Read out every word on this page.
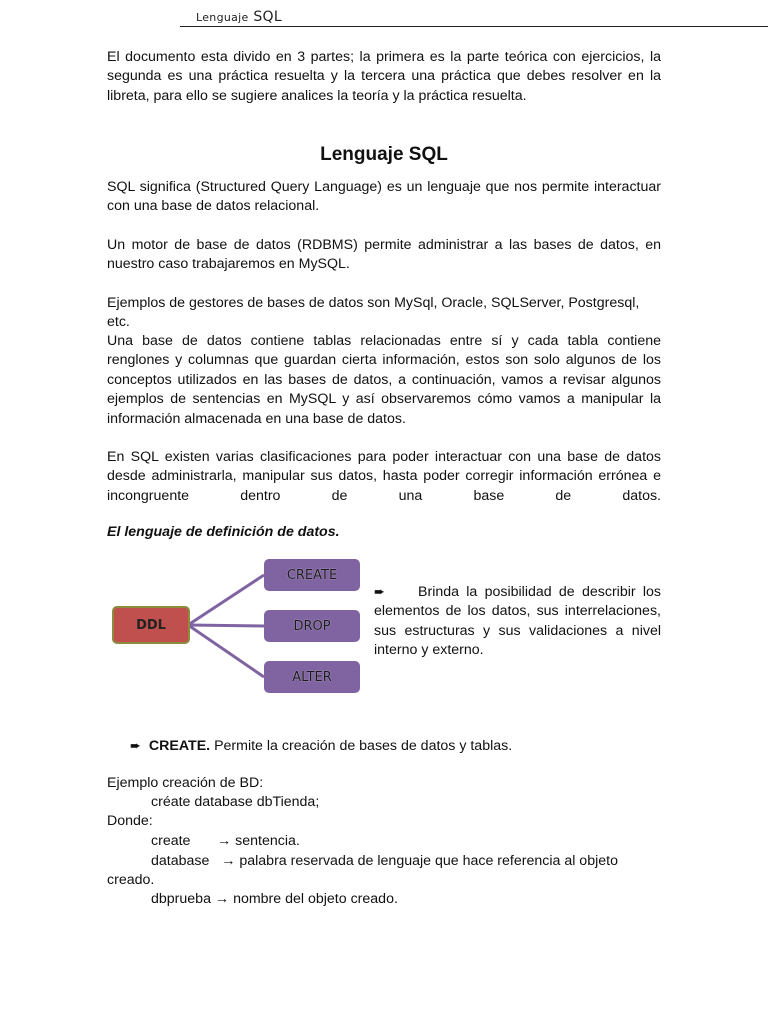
Lenguaje SQL

El documento esta divido en 3 partes; la primera es la parte teórica con ejercicios, la segunda es una práctica resuelta y la tercera una práctica que debes resolver en la libreta, para ello se sugiere analices la teoría y la práctica resuelta.

Lenguaje SQL

SQL significa (Structured Query Language) es un lenguaje que nos permite interactuar con una base de datos relacional.

Un motor de base de datos (RDBMS) permite administrar a las bases de datos, en nuestro caso trabajaremos en MySQL.

Ejemplos de gestores de bases de datos son MySql, Oracle, SQLServer, Postgresql, etc.

Una base de datos contiene tablas relacionadas entre sí y cada tabla contiene renglones y columnas que guardan cierta información, estos son solo algunos de los conceptos utilizados en las bases de datos, a continuación, vamos a revisar algunos ejemplos de sentencias en MySQL y así observaremos cómo vamos a manipular la información almacenada en una base de datos.

En SQL existen varias clasificaciones para poder interactuar con una base de datos desde administrarla, manipular sus datos, hasta poder corregir información errónea e incongruente dentro de una base de datos.

El lenguaje de definición de datos.

DDL
CREATE
DROP
ALTER

➨ Brinda la posibilidad de describir los elementos de los datos, sus interrelaciones, sus estructuras y sus validaciones a nivel interno y externo.

➨ CREATE. Permite la creación de bases de datos y tablas.

Ejemplo creación de BD:

créate database dbTienda;

Donde:

create → sentencia.

database → palabra reservada de lenguaje que hace referencia al objeto

creado.

dbprueba → nombre del objeto creado.
